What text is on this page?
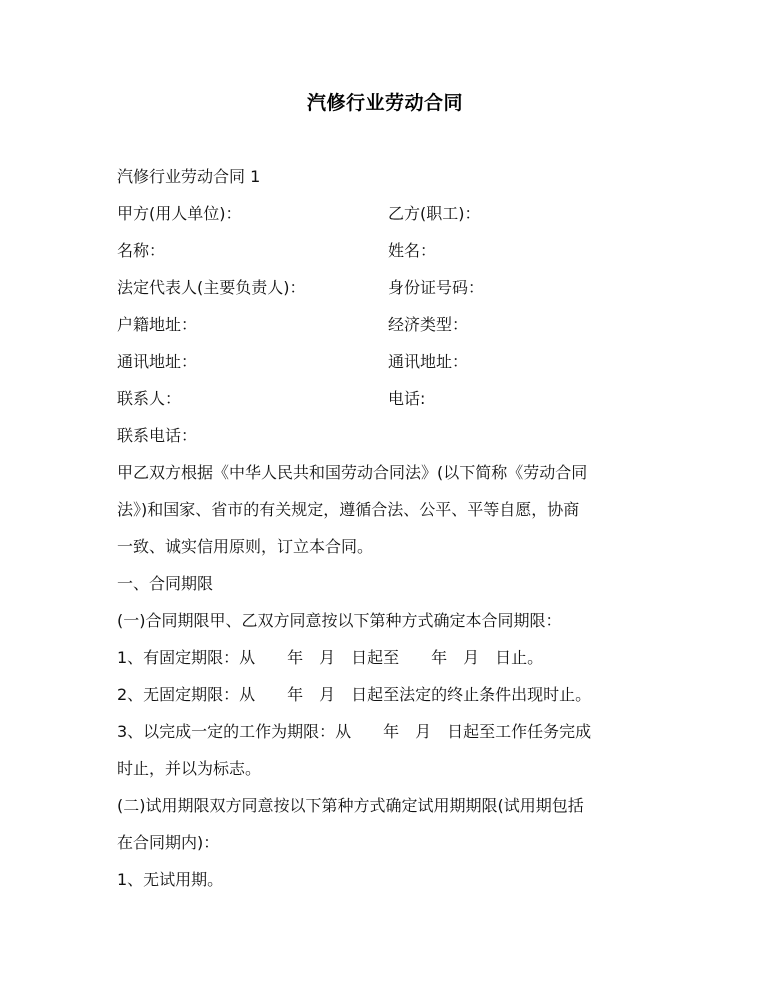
汽修行业劳动合同
汽修行业劳动合同 1
甲方(用人单位)：	乙方(职工)：
名称：	姓名：
法定代表人(主要负责人)：	身份证号码：
户籍地址：	经济类型：
通讯地址：	通讯地址：
联系人：	电话:
联系电话：
甲乙双方根据《中华人民共和国劳动合同法》(以下简称《劳动合同
法》)和国家、省市的有关规定，遵循合法、公平、平等自愿，协商
一致、诚实信用原则，订立本合同。
一、合同期限
(一)合同期限甲、乙双方同意按以下第种方式确定本合同期限：
1、有固定期限：从　　年　月　日起至　　年　月　日止。
2、无固定期限：从　　年　月　日起至法定的终止条件出现时止。
3、以完成一定的工作为期限：从　　年　月　日起至工作任务完成
时止，并以为标志。
(二)试用期限双方同意按以下第种方式确定试用期期限(试用期包括
在合同期内)：
1、无试用期。
